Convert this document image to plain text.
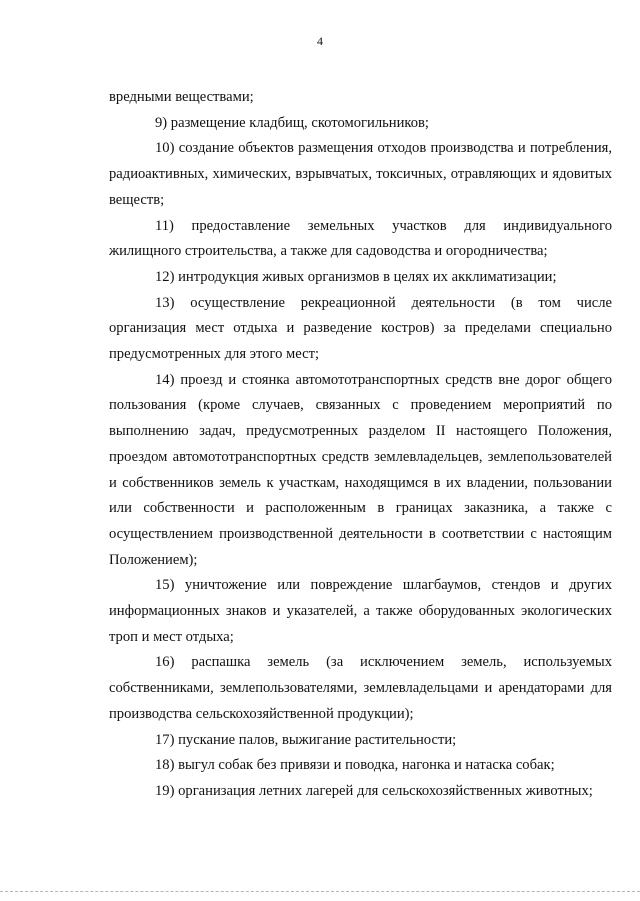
4

вредными веществами;

9) размещение кладбищ, скотомогильников;

10) создание объектов размещения отходов производства и потребления, радиоактивных, химических, взрывчатых, токсичных, отравляющих и ядовитых веществ;

11) предоставление земельных участков для индивидуального жилищного строительства, а также для садоводства и огородничества;

12) интродукция живых организмов в целях их акклиматизации;

13) осуществление рекреационной деятельности (в том числе организация мест отдыха и разведение костров) за пределами специально предусмотренных для этого мест;

14) проезд и стоянка автомототранспортных средств вне дорог общего пользования (кроме случаев, связанных с проведением мероприятий по выполнению задач, предусмотренных разделом II настоящего Положения, проездом автомототранспортных средств землевладельцев, землепользователей и собственников земель к участкам, находящимся в их владении, пользовании или собственности и расположенным в границах заказника, а также с осуществлением производственной деятельности в соответствии с настоящим Положением);

15) уничтожение или повреждение шлагбаумов, стендов и других информационных знаков и указателей, а также оборудованных экологических троп и мест отдыха;

16) распашка земель (за исключением земель, используемых собственниками, землепользователями, землевладельцами и арендаторами для производства сельскохозяйственной продукции);

17) пускание палов, выжигание растительности;

18) выгул собак без привязи и поводка, нагонка и натаска собак;

19) организация летних лагерей для сельскохозяйственных животных;
